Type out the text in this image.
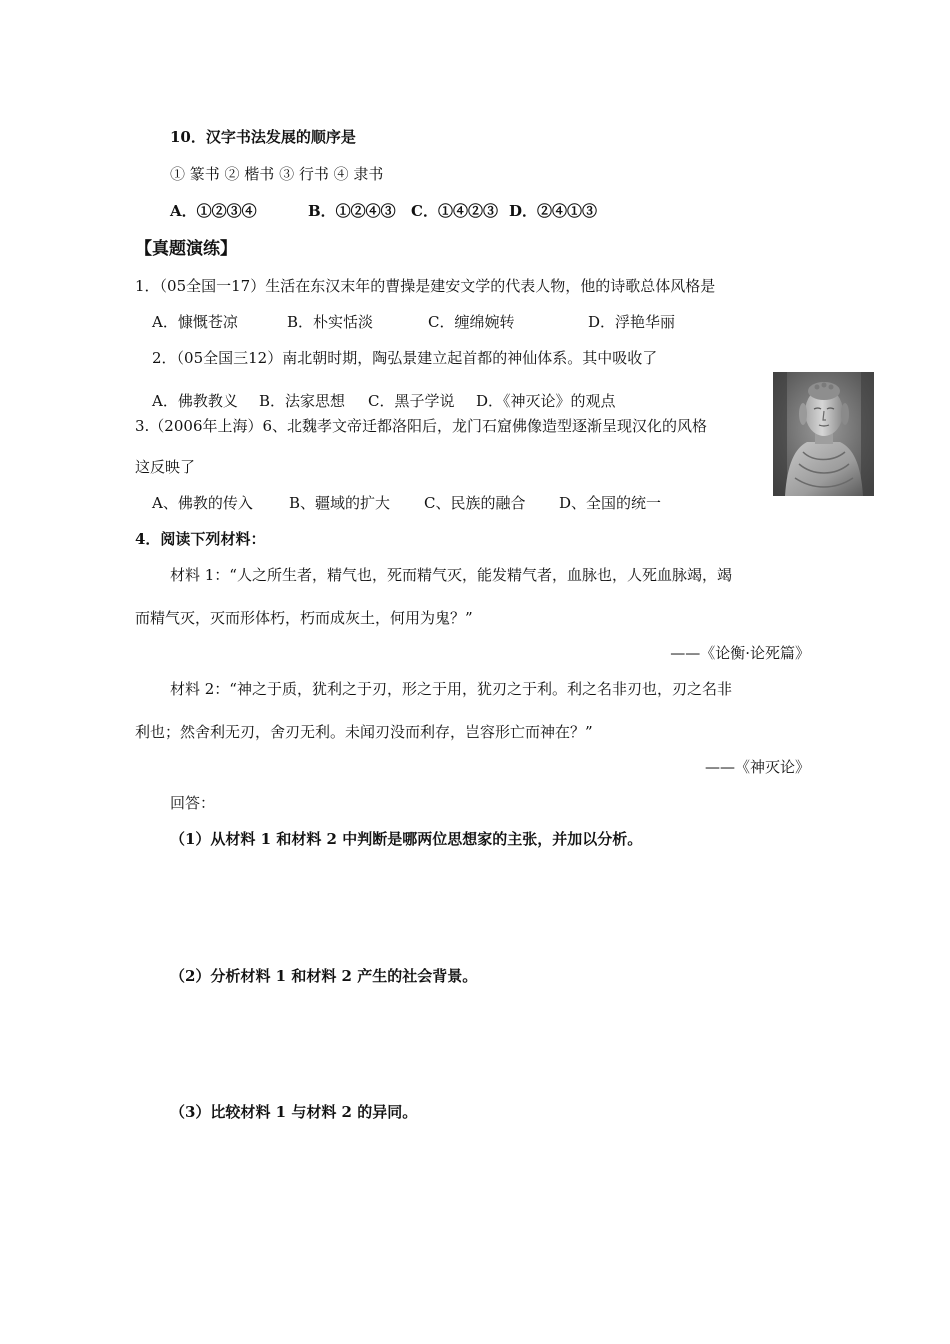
10．汉字书法发展的顺序是
① 篆书 ② 楷书 ③ 行书 ④ 隶书
A．①②③④	B．①②④③ C．①④②③ D．②④①③
【真题演练】
1．（05全国一17）生活在东汉末年的曹操是建安文学的代表人物，他的诗歌总体风格是
A．慷慨苍凉	B．朴实恬淡	C．缠绵婉转	D．浮艳华丽
2．（05全国三12）南北朝时期，陶弘景建立起首都的神仙体系。其中吸收了
A．佛教教义 B．法家思想 C．黑子学说 D．《神灭论》的观点
3.（2006年上海）6、北魏孝文帝迁都洛阳后，龙门石窟佛像造型逐渐呈现汉化的风格
这反映了
A、佛教的传入 B、疆域的扩大 C、民族的融合 D、全国的统一
4．阅读下列材料：
材料 1：“人之所生者，精气也，死而精气灭，能发精气者，血脉也，人死血脉竭，竭
而精气灭，灭而形体朽，朽而成灰土，何用为鬼？”
——《论衡·论死篇》
材料 2：“神之于质，犹利之于刃，形之于用，犹刃之于利。利之名非刃也，刃之名非
利也；然舍利无刃，舍刃无利。未闻刃没而利存，岂容形亡而神在？”
——《神灭论》
回答：
（1）从材料 1 和材料 2 中判断是哪两位思想家的主张，并加以分析。
（2）分析材料 1 和材料 2 产生的社会背景。
（3）比较材料 1 与材料 2 的异同。
